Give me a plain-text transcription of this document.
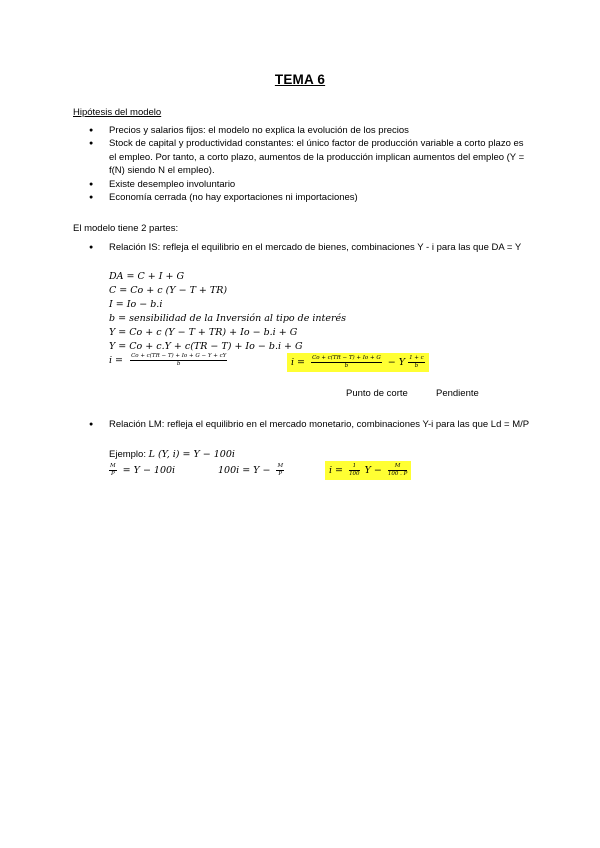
TEMA 6
Hipótesis del modelo
● Precios y salarios fijos: el modelo no explica la evolución de los precios
● Stock de capital y productividad constantes: el único factor de producción variable a corto plazo es el empleo. Por tanto, a corto plazo, aumentos de la producción implican aumentos del empleo (Y = f(N) siendo N el empleo).
● Existe desempleo involuntario
● Economía cerrada (no hay exportaciones ni importaciones)
El modelo tiene 2 partes:
● Relación IS: refleja el equilibrio en el mercado de bienes, combinaciones Y - i para las que DA = Y
DA = C + I + G
C = Co + c (Y − T + TR)
I = Io − b.i
b = sensibilidad de la Inversión al tipo de interés
Y = Co + c (Y − T + TR) + Io − b.i + G
Y = Co + c.Y + c(TR − T) + Io − b.i + G
$i = \frac{Co + c(TR - T) + Io + G - Y + cY}{b}$	$i = \frac{Co + c(TR - T) + Io + G}{b} - Y \frac{1 + c}{b}$
Punto de corte	Pendiente
● Relación LM: refleja el equilibrio en el mercado monetario, combinaciones Y-i para las que Ld = M/P
Ejemplo: L (Y, i) = Y − 100i
$\frac{M}{P} = Y - 100i$	$100i = Y - \frac{M}{P}$	$i = \frac{1}{100}$ $Y - \frac{M}{100 . P}$
